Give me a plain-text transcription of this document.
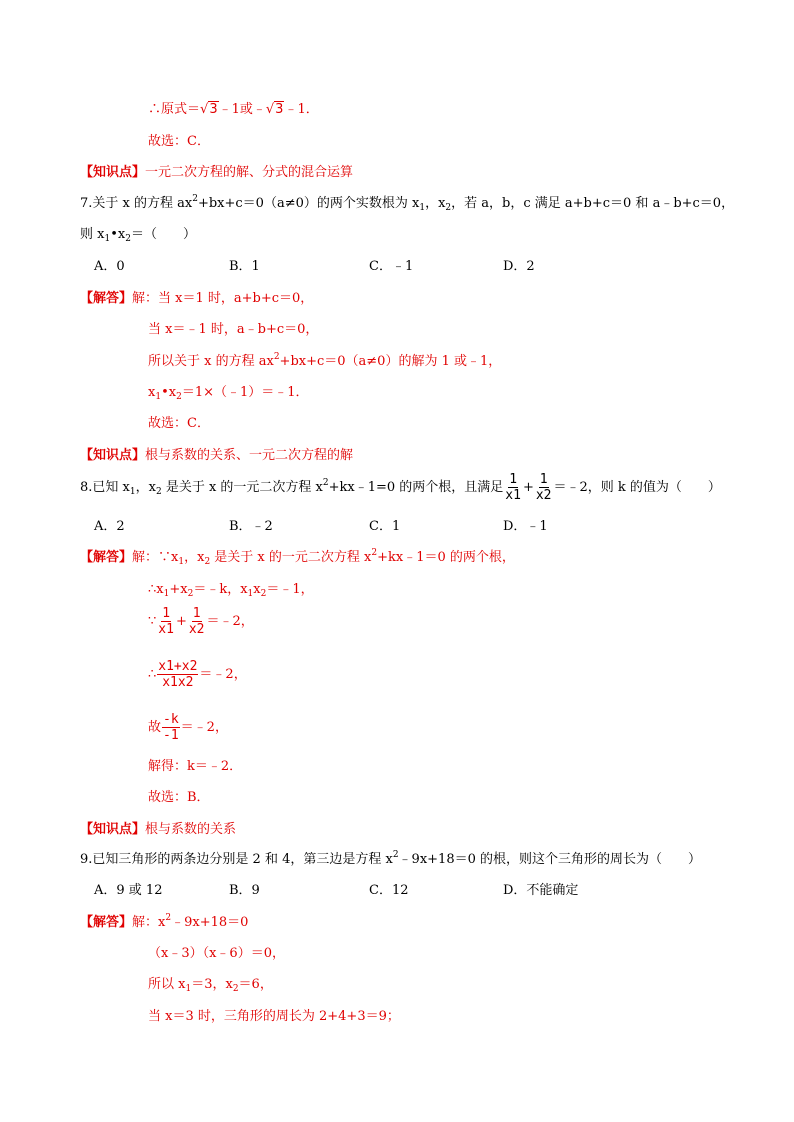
∴原式＝√3﹣1或﹣√3﹣1．
故选：C．
【知识点】一元二次方程的解、分式的混合运算
7.关于 x 的方程 $ax^2+bx+c=0(a\ne 0)$的两个实数根为 $x_1$，$x_2$，若 a，b，c 满足 a+b+c＝0 和 a﹣b+c＝0，
则 $x_1•x_2=$（　　）
A．0	B．1	C．﹣1	D．2
【解答】解：当 x＝1 时，a+b+c＝0，
当 x＝﹣1 时，a﹣b+c＝0，
所以关于 x 的方程 $ax^2+bx+c=0(a\ne 0)$的解为 1 或﹣1，
$x_1•x_2=1\times(﹣1)=﹣1$．
故选：C．
【知识点】根与系数的关系、一元二次方程的解
8.已知 $x_1$，$x_2$ 是关于 x 的一元二次方程 $x^2+kx﹣1=0$ 的两个根，且满足 $\frac{1}{x1} + \frac{1}{x2}$ ＝﹣2，则 k 的值为（　　）
A．2	B．﹣2	C．1	D．﹣1
【解答】解：$\because x_1$，$x_2$ 是关于 x 的一元二次方程 $x^2+kx﹣1=0$ 的两个根，
$\therefore x_1+x_2=﹣k$，$x_1x_2=﹣1$，
∵ $\frac{1}{x1} + \frac{1}{x2}$ ＝﹣2，
∴ $\frac{x1+x2}{x1x2}$ ＝﹣2，
故 $\frac{-k}{-1}$ ＝﹣2，
解得：k＝﹣2．
故选：B．
【知识点】根与系数的关系
9.已知三角形的两条边分别是 2 和 4，第三边是方程 $x^2﹣9x+18=0$ 的根，则这个三角形的周长为（　　）
A．9 或 12	B．9	C．12	D．不能确定
【解答】解：$x^2﹣9x+18=0$
（x﹣3）（x﹣6）＝0，
所以 $x_1=3$，$x_2=6$，
当 x＝3 时，三角形的周长为 2+4+3＝9；
